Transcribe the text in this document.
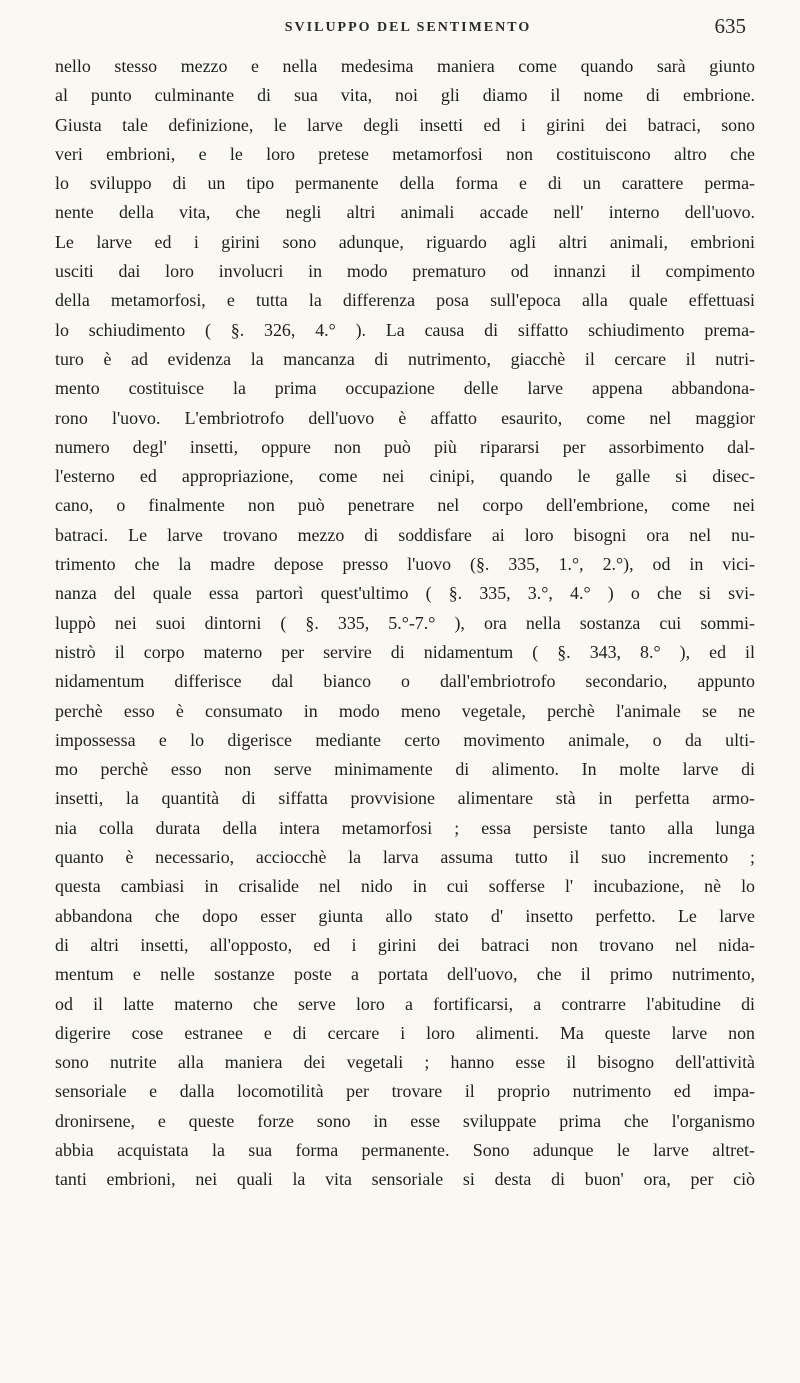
SVILUPPO DEL SENTIMENTO	635
nello stesso mezzo e nella medesima maniera come quando sarà giunto
al punto culminante di sua vita, noi gli diamo il nome di embrione.
Giusta tale definizione, le larve degli insetti ed i girini dei batraci, sono
veri embrioni, e le loro pretese metamorfosi non costituiscono altro che
lo sviluppo di un tipo permanente della forma e di un carattere perma-
nente della vita, che negli altri animali accade nell' interno dell'uovo.
Le larve ed i girini sono adunque, riguardo agli altri animali, embrioni
usciti dai loro involucri in modo prematuro od innanzi il compimento
della metamorfosi, e tutta la differenza posa sull'epoca alla quale effettuasi
lo schiudimento ( §. 326, 4.° ). La causa di siffatto schiudimento prema-
turo è ad evidenza la mancanza di nutrimento, giacchè il cercare il nutri-
mento costituisce la prima occupazione delle larve appena abbandona-
rono l'uovo. L'embriotrofo dell'uovo è affatto esaurito, come nel maggior
numero degl' insetti, oppure non può più ripararsi per assorbimento dal-
l'esterno ed appropriazione, come nei cinipi, quando le galle si disec-
cano, o finalmente non può penetrare nel corpo dell'embrione, come nei
batraci. Le larve trovano mezzo di soddisfare ai loro bisogni ora nel nu-
trimento che la madre depose presso l'uovo (§. 335, 1.°, 2.°), od in vici-
nanza del quale essa partorì quest'ultimo ( §. 335, 3.°, 4.° ) o che si svi-
luppò nei suoi dintorni ( §. 335, 5.°-7.° ), ora nella sostanza cui sommi-
nistrò il corpo materno per servire di nidamentum ( §. 343, 8.° ), ed il
nidamentum differisce dal bianco o dall'embriotrofo secondario, appunto
perchè esso è consumato in modo meno vegetale, perchè l'animale se ne
impossessa e lo digerisce mediante certo movimento animale, o da ulti-
mo perchè esso non serve minimamente di alimento. In molte larve di
insetti, la quantità di siffatta provvisione alimentare stà in perfetta armo-
nia colla durata della intera metamorfosi ; essa persiste tanto alla lunga
quanto è necessario, acciocchè la larva assuma tutto il suo incremento ;
questa cambiasi in crisalide nel nido in cui sofferse l' incubazione, nè lo
abbandona che dopo esser giunta allo stato d' insetto perfetto. Le larve
di altri insetti, all'opposto, ed i girini dei batraci non trovano nel nida-
mentum e nelle sostanze poste a portata dell'uovo, che il primo nutrimento,
od il latte materno che serve loro a fortificarsi, a contrarre l'abitudine di
digerire cose estranee e di cercare i loro alimenti. Ma queste larve non
sono nutrite alla maniera dei vegetali ; hanno esse il bisogno dell'attività
sensoriale e dalla locomotilità per trovare il proprio nutrimento ed impa-
dronirsene, e queste forze sono in esse sviluppate prima che l'organismo
abbia acquistata la sua forma permanente. Sono adunque le larve altret-
tanti embrioni, nei quali la vita sensoriale si desta di buon' ora, per ciò
